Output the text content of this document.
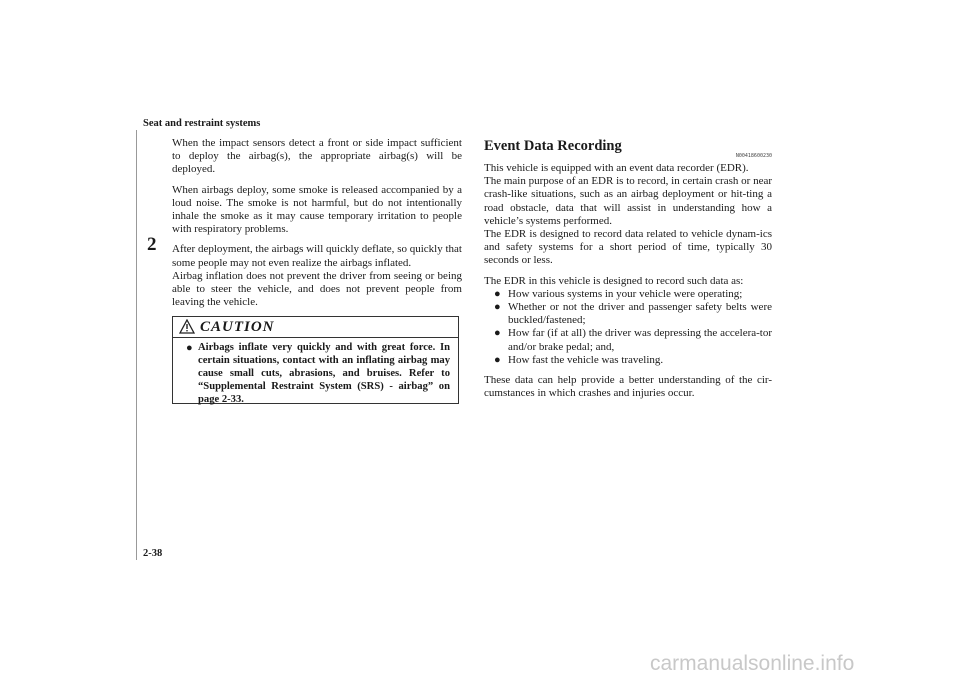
Seat and restraint systems
2

When the impact sensors detect a front or side impact sufficient to deploy the airbag(s), the appropriate airbag(s) will be deployed.

When airbags deploy, some smoke is released accompanied by a loud noise. The smoke is not harmful, but do not intentionally inhale the smoke as it may cause temporary irritation to people with respiratory problems.

After deployment, the airbags will quickly deflate, so quickly that some people may not even realize the airbags inflated.

Airbag inflation does not prevent the driver from seeing or being able to steer the vehicle, and does not prevent people from leaving the vehicle.

CAUTION
● Airbags inflate very quickly and with great force. In certain situations, contact with an inflating airbag may cause small cuts, abrasions, and bruises. Refer to “Supplemental Restraint System (SRS) - airbag” on page 2-33.
Event Data Recording
N00418600230
This vehicle is equipped with an event data recorder (EDR).
The main purpose of an EDR is to record, in certain crash or near crash-like situations, such as an airbag deployment or hit-ting a road obstacle, data that will assist in understanding how a vehicle’s systems performed.

The EDR is designed to record data related to vehicle dynam-ics and safety systems for a short period of time, typically 30 seconds or less.

The EDR in this vehicle is designed to record such data as:
● How various systems in your vehicle were operating;
● Whether or not the driver and passenger safety belts were buckled/fastened;
● How far (if at all) the driver was depressing the accelera-tor and/or brake pedal; and,
● How fast the vehicle was traveling.

These data can help provide a better understanding of the cir-cumstances in which crashes and injuries occur.

2-38
carmanualsonline.info
